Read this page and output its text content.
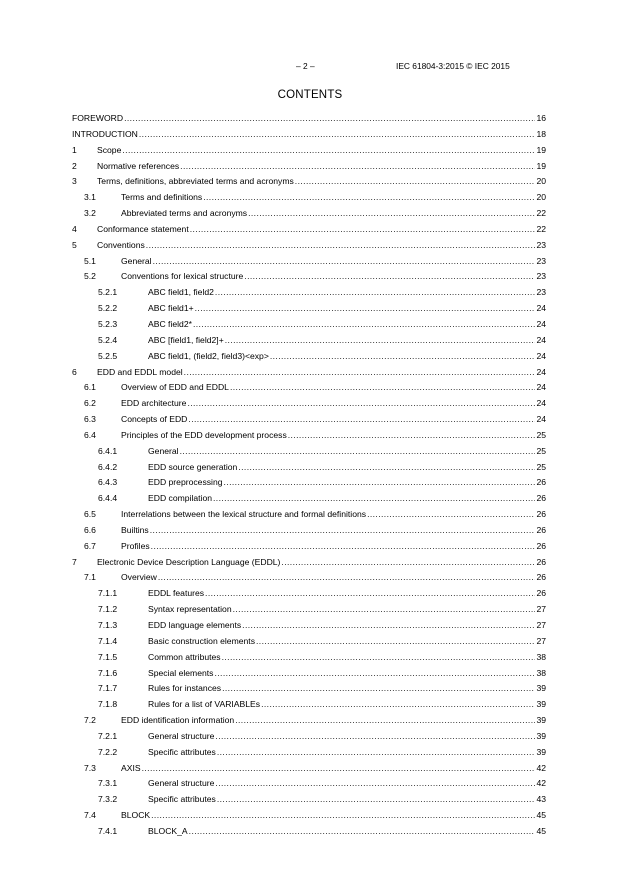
– 2 –	IEC 61804-3:2015 © IEC 2015
CONTENTS
FOREWORD .....	16
INTRODUCTION .....	18
1	Scope .....	19
2	Normative references .....	19
3	Terms, definitions, abbreviated terms and acronyms .....	20
3.1	Terms and definitions .....	20
3.2	Abbreviated terms and acronyms .....	22
4	Conformance statement .....	22
5	Conventions .....	23
5.1	General .....	23
5.2	Conventions for lexical structure .....	23
5.2.1	ABC field1, field2 .....	23
5.2.2	ABC field1+ .....	24
5.2.3	ABC field2* .....	24
5.2.4	ABC [field1, field2]+ .....	24
5.2.5	ABC field1, (field2, field3)<exp> .....	24
6	EDD and EDDL model .....	24
6.1	Overview of EDD and EDDL .....	24
6.2	EDD architecture .....	24
6.3	Concepts of EDD .....	24
6.4	Principles of the EDD development process .....	25
6.4.1	General .....	25
6.4.2	EDD source generation .....	25
6.4.3	EDD preprocessing .....	26
6.4.4	EDD compilation .....	26
6.5	Interrelations between the lexical structure and formal definitions .....	26
6.6	Builtins .....	26
6.7	Profiles .....	26
7	Electronic Device Description Language (EDDL) .....	26
7.1	Overview .....	26
7.1.1	EDDL features .....	26
7.1.2	Syntax representation .....	27
7.1.3	EDD language elements .....	27
7.1.4	Basic construction elements .....	27
7.1.5	Common attributes .....	38
7.1.6	Special elements .....	38
7.1.7	Rules for instances .....	39
7.1.8	Rules for a list of VARIABLEs .....	39
7.2	EDD identification information .....	39
7.2.1	General structure .....	39
7.2.2	Specific attributes .....	39
7.3	AXIS .....	42
7.3.1	General structure .....	42
7.3.2	Specific attributes .....	43
7.4	BLOCK .....	45
7.4.1	BLOCK_A .....	45
